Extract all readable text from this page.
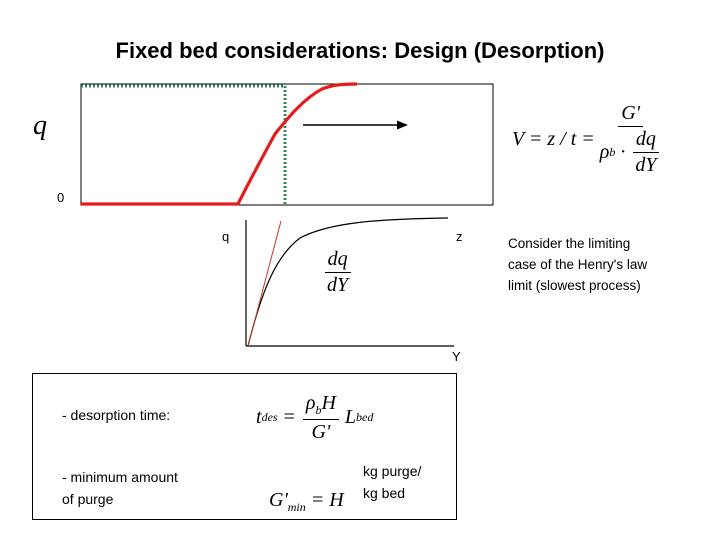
Fixed bed considerations: Design (Desorption)
q
0
$V = z / t = \frac{G'}{\rho b \cdot \frac{dq}{dY}}$
q	z
Y
$\frac{dq}{dY}$
Consider the limiting
case of the Henry's law
limit (slowest process)
- desorption time:	t des = $\frac{\rho_bH}{G'}$ L bed
- minimum amount
of purge	$G'_{min} = H$

kg purge/
kg bed
